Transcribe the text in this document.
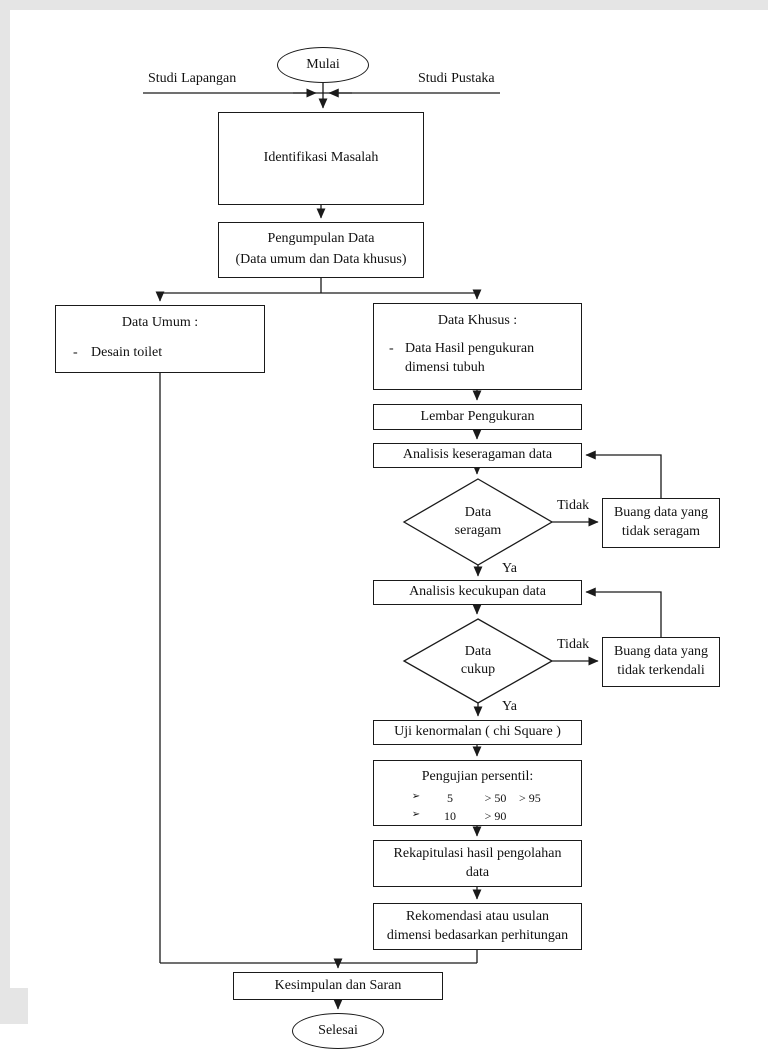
Mulai
Studi Lapangan	Studi Pustaka
Identifikasi Masalah
Pengumpulan Data
(Data umum dan Data khusus)
Data Umum :
- Desain toilet
Data Khusus :
- Data Hasil pengukuran
dimensi tubuh
Lembar Pengukuran
Analisis keseragaman data
Data
seragam
Tidak
Ya
Buang data yang
tidak seragam
Analisis kecukupan data
Data
cukup
Tidak
Ya
Buang data yang
tidak terkendali
Uji kenormalan ( chi Square )
Pengujian persentil:
➢	5	> 50	> 95
➢	10	> 90
Rekapitulasi hasil pengolahan
data
Rekomendasi atau usulan
dimensi bedasarkan perhitungan
Kesimpulan dan Saran
Selesai
